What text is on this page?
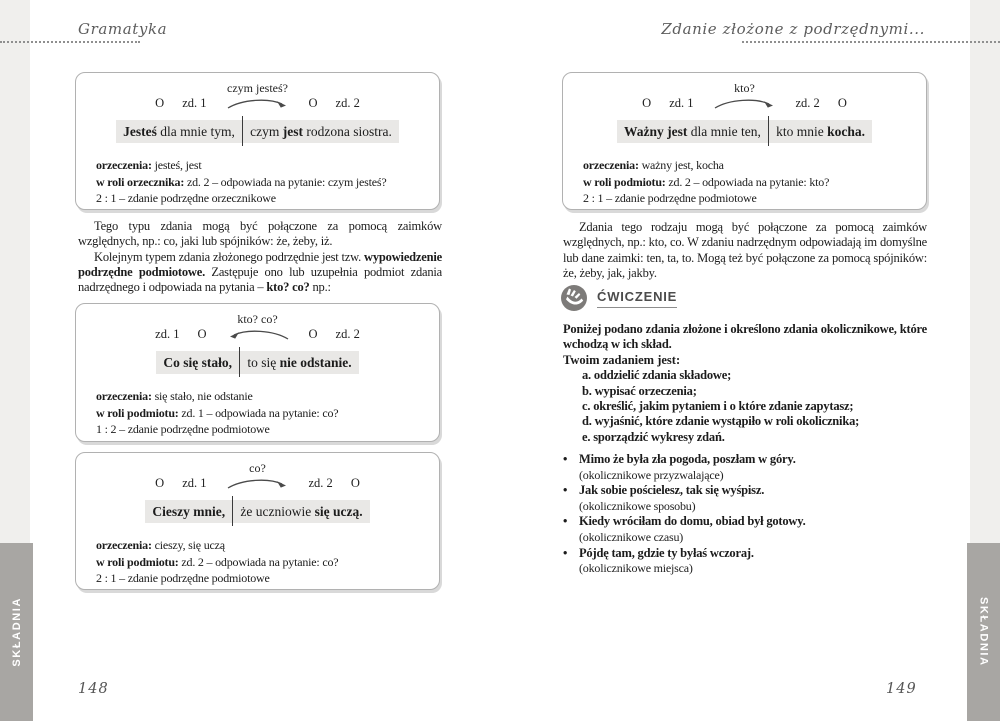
SKŁADNIA	SKŁADNIA
Gramatyka	Zdanie złożone z podrzędnymi...
O zd. 1
czym jesteś?
O zd. 2
Jesteś dla mnie tym,	czym jest rodzona siostra.

orzeczenia: jesteś, jest

w roli orzecznika: zd. 2 – odpowiada na pytanie: czym jesteś?

2 : 1 – zdanie podrzędne orzecznikowe

Tego typu zdania mogą być połączone za pomocą zaimków względnych, np.: co, jaki lub spójników: że, żeby, iż.

Kolejnym typem zdania złożonego podrzędnie jest tzw. wypowiedzenie podrzędne podmiotowe. Zastępuje ono lub uzupełnia podmiot zdania nadrzędnego i odpowiada na pytania – kto? co? np.:

zd. 1 O
kto? co?
O zd. 2
Co się stało,	to się nie odstanie.

orzeczenia: się stało, nie odstanie

w roli podmiotu: zd. 1 – odpowiada na pytanie: co?

1 : 2 – zdanie podrzędne podmiotowe

O zd. 1
co?
zd. 2 O
Cieszy mnie,	że uczniowie się uczą.

orzeczenia: cieszy, się uczą

w roli podmiotu: zd. 2 – odpowiada na pytanie: co?

2 : 1 – zdanie podrzędne podmiotowe

O zd. 1
kto?
zd. 2 O
Ważny jest dla mnie ten,	kto mnie kocha.

orzeczenia: ważny jest, kocha

w roli podmiotu: zd. 2 – odpowiada na pytanie: kto?

2 : 1 – zdanie podrzędne podmiotowe

Zdania tego rodzaju mogą być połączone za pomocą zaimków względnych, np.: kto, co. W zdaniu nadrzędnym odpowiadają im domyślne lub dane zaimki: ten, ta, to. Mogą też być połączone za pomocą spójników: że, żeby, jak, jakby.

ĆWICZENIE

Poniżej podano zdania złożone i określono zdania okolicznikowe, które wchodzą w ich skład.

Twoim zadaniem jest:
a. oddzielić zdania składowe;
b. wypisać orzeczenia;
c. określić, jakim pytaniem i o które zdanie zapytasz;
d. wyjaśnić, które zdanie wystąpiło w roli okolicznika;
e. sporządzić wykresy zdań.
• Mimo że była zła pogoda, poszłam w góry.
(okolicznikowe przyzwalające)
• Jak sobie pościelesz, tak się wyśpisz.
(okolicznikowe sposobu)
• Kiedy wróciłam do domu, obiad był gotowy.
(okolicznikowe czasu)
• Pójdę tam, gdzie ty byłaś wczoraj.
(okolicznikowe miejsca)
148	149
